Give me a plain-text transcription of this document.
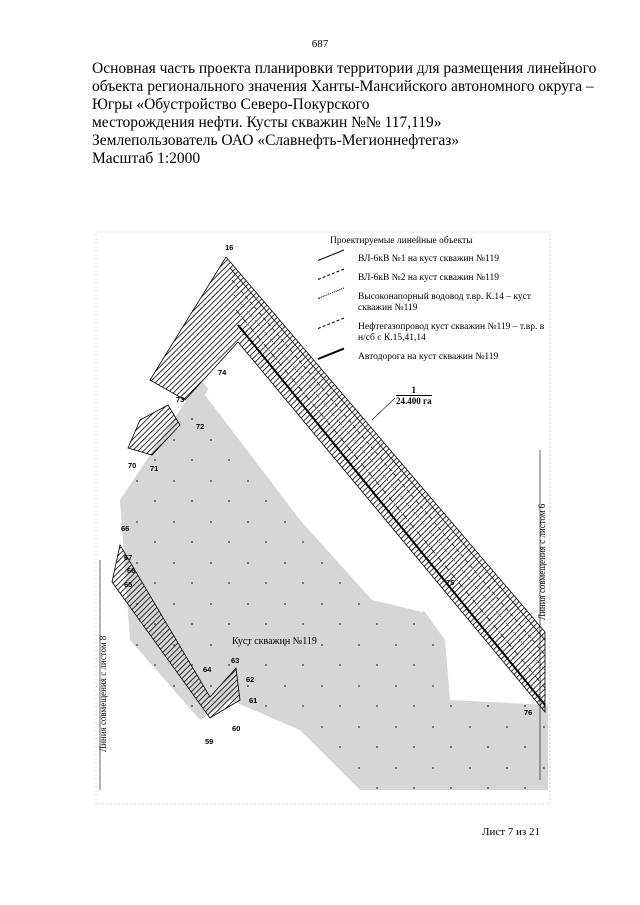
687
Основная часть проекта планировки территории для размещения линейного
объекта регионального значения Ханты-Мансийского автономного округа –
Югры «Обустройство Северо-Покурского
месторождения нефти. Кусты скважин №№ 117,119»
Землепользователь ОАО «Славнефть-Мегионнефтегаз»
Масштаб 1:2000
Проектируемые линейные объекты
ВЛ-6кВ №1 на куст скважин №119
ВЛ-6кВ №2 на куст скважин №119
Высоконапорный водовод т.вр. К.14 – куст скважин №119
Нефтегазопровод куст скважин №119 – т.вр. в н/сб с К.15,41,14
Автодорога на куст скважин №119
1
24.400 га
Куст скважин №119
Линия совмещения с листом 8
Линия совмещения с листом 6
16
74
73
72
70 71
66
67
68
65
64
63
62
61
60
59
75
76
Лист 7 из 21
